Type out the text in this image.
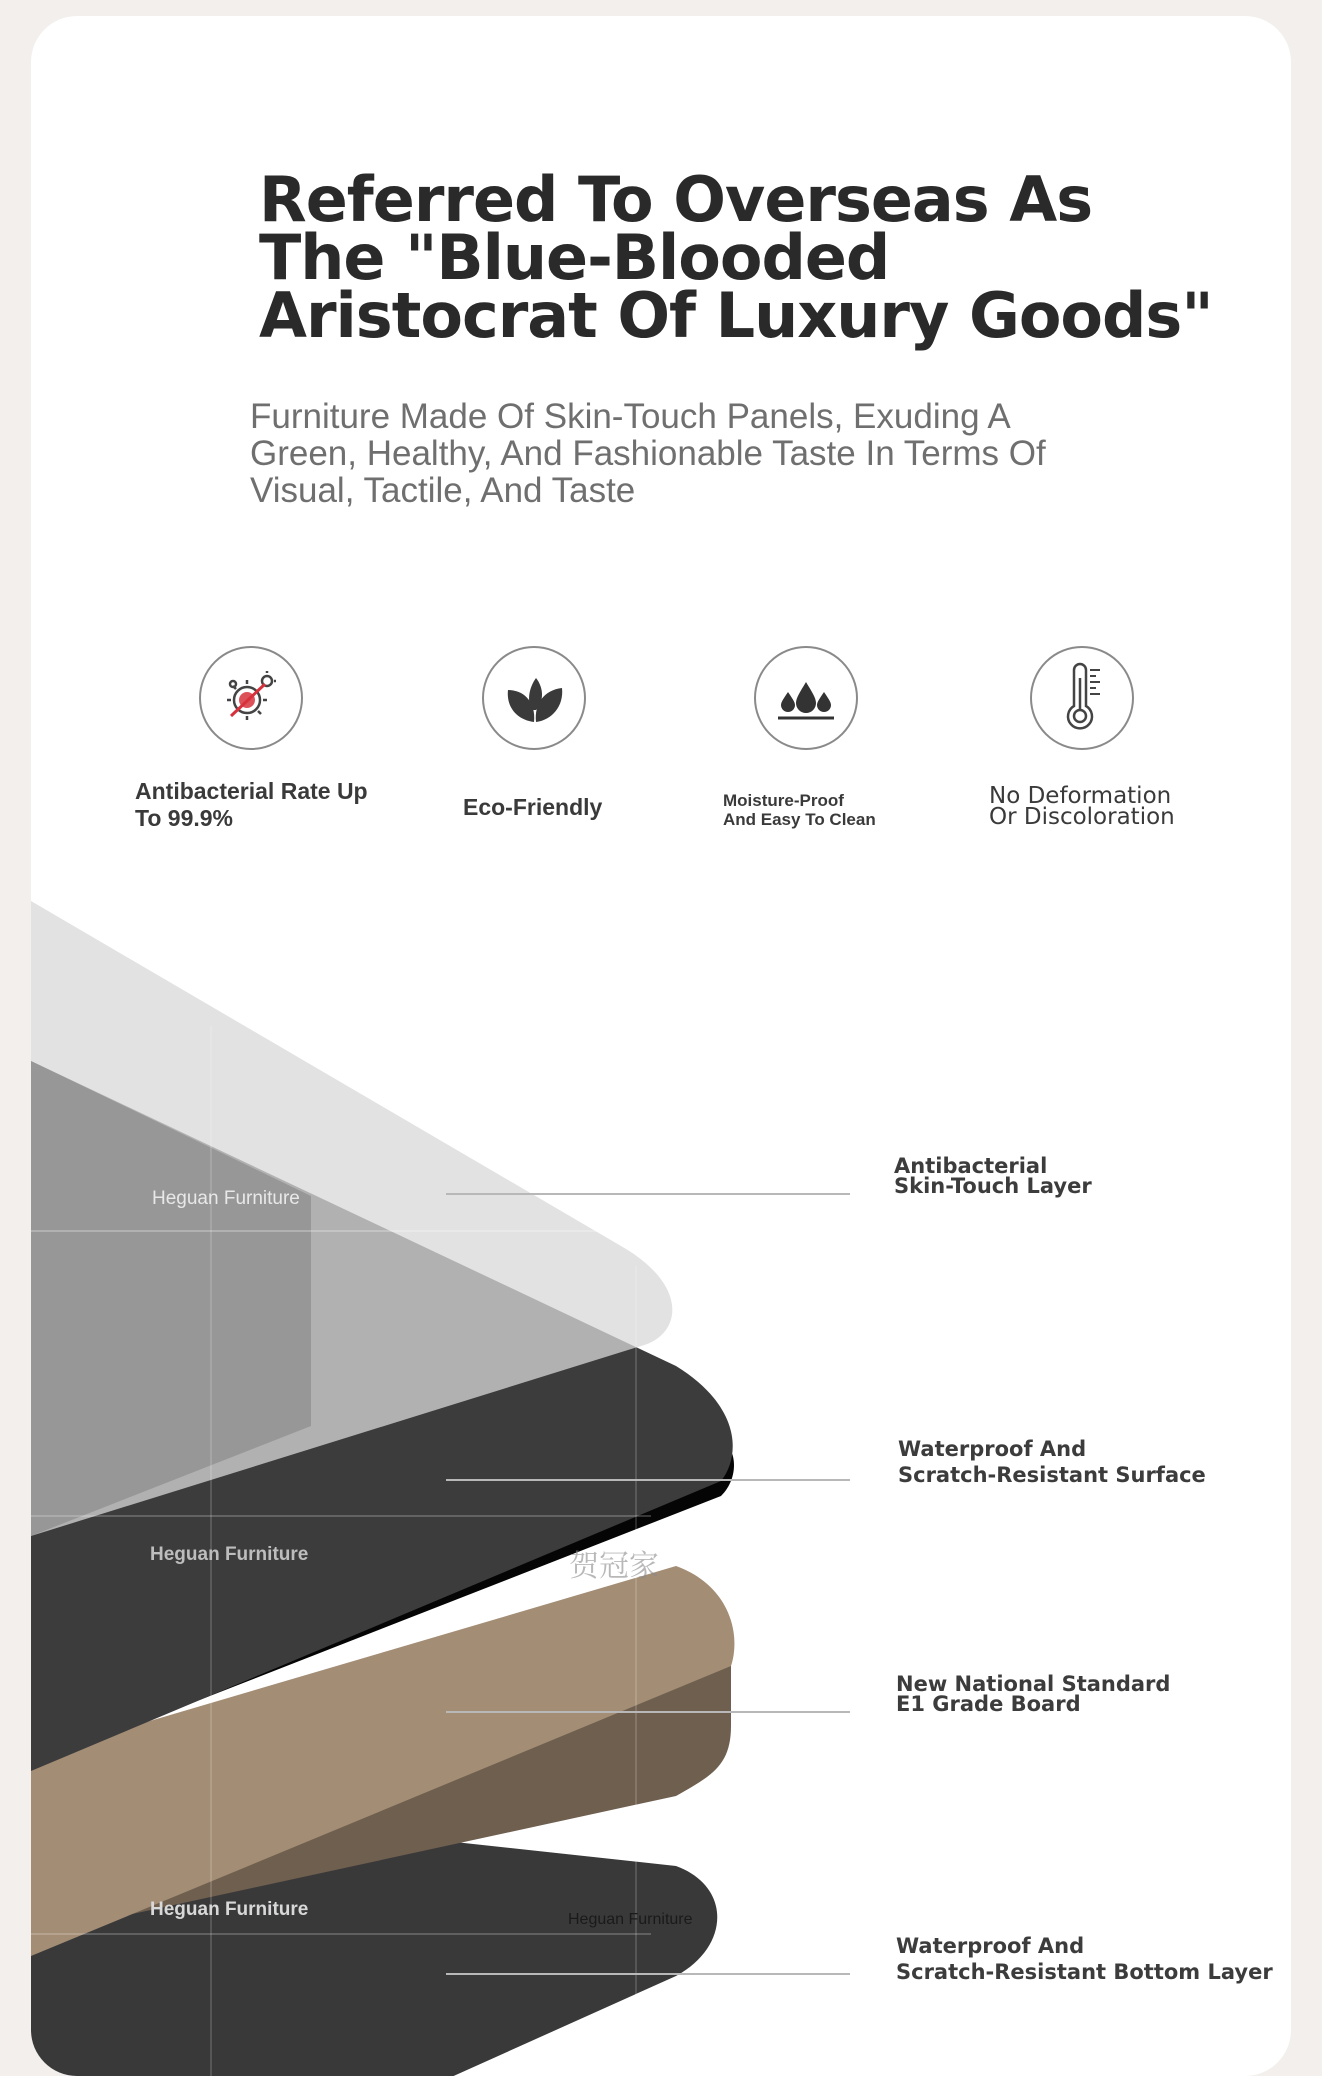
Referred To Overseas As
The "Blue-Blooded
Aristocrat Of Luxury Goods"
Furniture Made Of Skin-Touch Panels, Exuding A
Green, Healthy, And Fashionable Taste In Terms Of
Visual, Tactile, And Taste
Antibacterial Rate Up
To 99.9%	Eco-Friendly	Moisture-Proof
And Easy To Clean
No Deformation
Or Discoloration
Heguan Furniture
Heguan Furniture
Heguan Furniture	Heguan Furniture
贺冠家
Antibacterial
Skin-Touch Layer
Waterproof And
Scratch-Resistant Surface
New National Standard
E1 Grade Board
Waterproof And
Scratch-Resistant Bottom Layer
